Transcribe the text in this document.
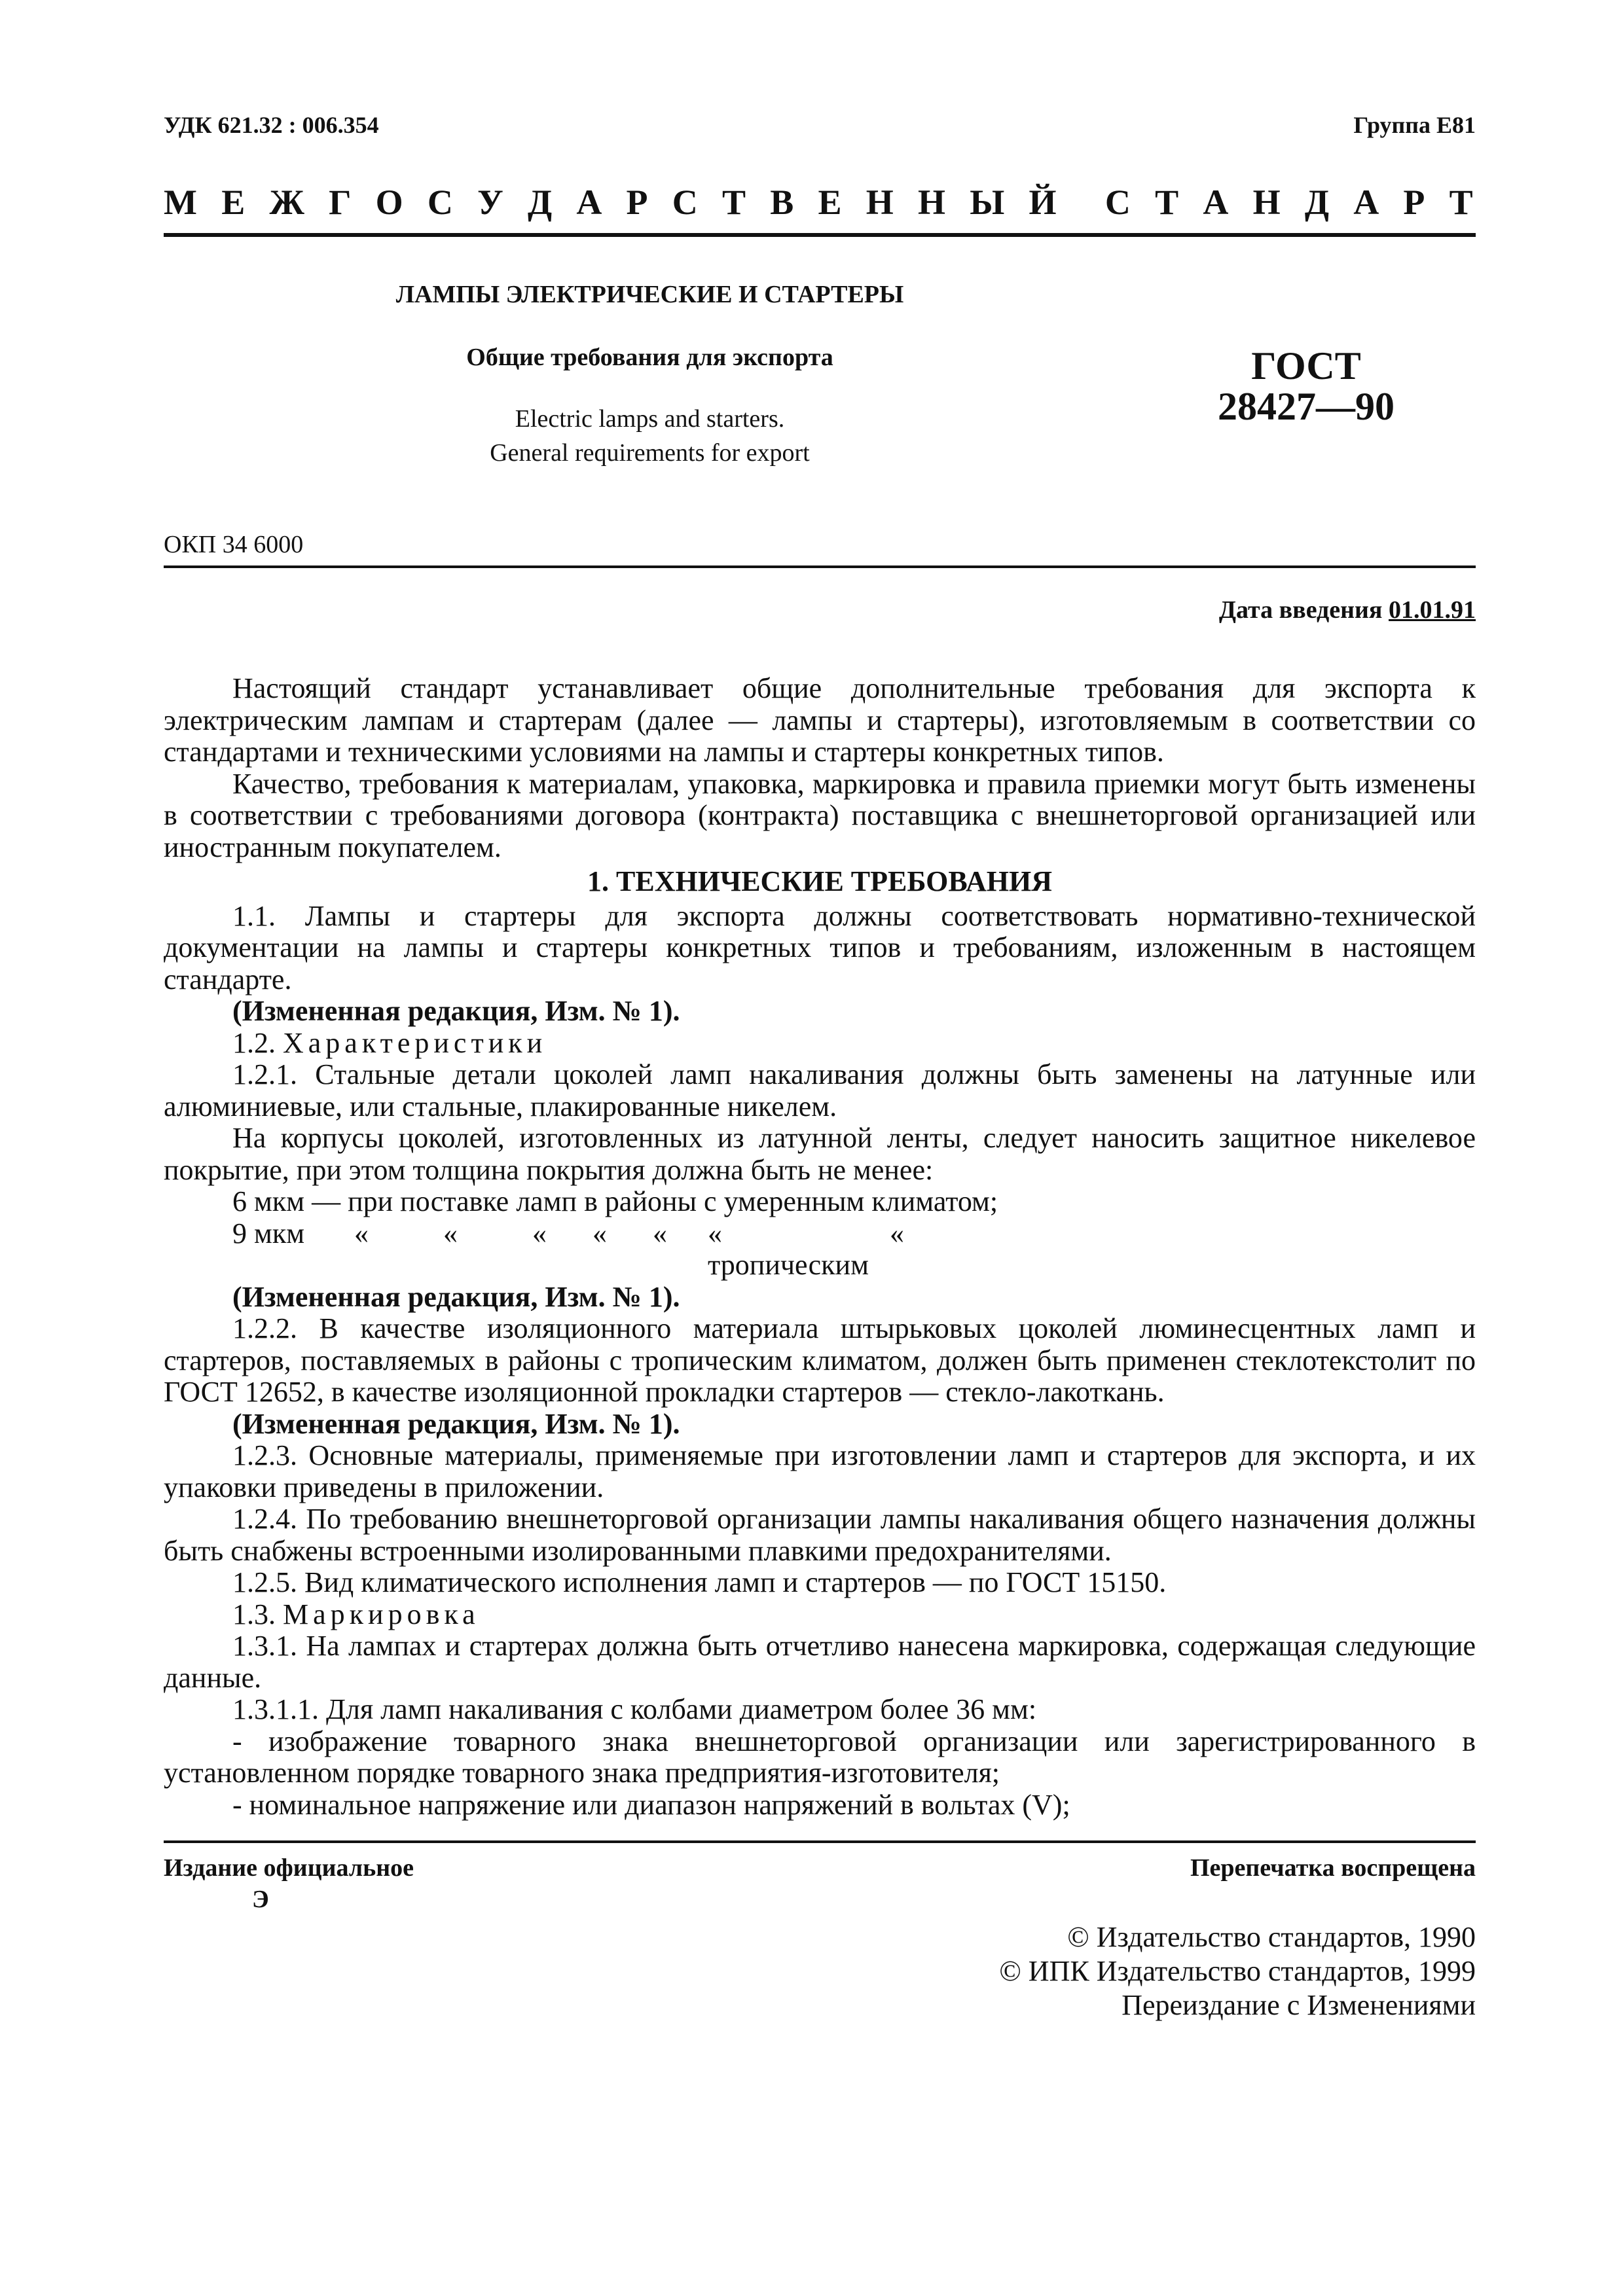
УДК 621.32 : 006.354	Группа Е81
М Е Ж Г О С У Д А Р С Т В Е Н Н Ы Й С Т А Н Д А Р Т
ЛАМПЫ ЭЛЕКТРИЧЕСКИЕ И СТАРТЕРЫ
Общие требования для экспорта
Electric lamps and starters.
General requirements for export
ГОСТ
28427—90
ОКП 34 6000
Дата введения 01.01.91

Настоящий стандарт устанавливает общие дополнительные требования для экспорта к электрическим лампам и стартерам (далее — лампы и стартеры), изготовляемым в соответствии со стандартами и техническими условиями на лампы и стартеры конкретных типов.

Качество, требования к материалам, упаковка, маркировка и правила приемки могут быть изменены в соответствии с требованиями договора (контракта) поставщика с внешнеторговой организацией или иностранным покупателем.

1. ТЕХНИЧЕСКИЕ ТРЕБОВАНИЯ

1.1. Лампы и стартеры для экспорта должны соответствовать нормативно-технической документации на лампы и стартеры конкретных типов и требованиям, изложенным в настоящем стандарте.

(Измененная редакция, Изм. № 1).

1.2. Характеристики

1.2.1. Стальные детали цоколей ламп накаливания должны быть заменены на латунные или алюминиевые, или стальные, плакированные никелем.

На корпусы цоколей, изготовленных из латунной ленты, следует наносить защитное никелевое покрытие, при этом толщина покрытия должна быть не менее:

6 мкм — при поставке ламп в районы с умеренным климатом;

9 мкм	«	«	«	«	«	« тропическим
«

(Измененная редакция, Изм. № 1).

1.2.2. В качестве изоляционного материала штырьковых цоколей люминесцентных ламп и стартеров, поставляемых в районы с тропическим климатом, должен быть применен стеклотекстолит по ГОСТ 12652, в качестве изоляционной прокладки стартеров — стекло-лакоткань.

(Измененная редакция, Изм. № 1).

1.2.3. Основные материалы, применяемые при изготовлении ламп и стартеров для экспорта, и их упаковки приведены в приложении.

1.2.4. По требованию внешнеторговой организации лампы накаливания общего назначения должны быть снабжены встроенными изолированными плавкими предохранителями.

1.2.5. Вид климатического исполнения ламп и стартеров — по ГОСТ 15150.

1.3. Маркировка

1.3.1. На лампах и стартерах должна быть отчетливо нанесена маркировка, содержащая следующие данные.

1.3.1.1. Для ламп накаливания с колбами диаметром более 36 мм:

- изображение товарного знака внешнеторговой организации или зарегистрированного в установленном порядке товарного знака предприятия-изготовителя;

- номинальное напряжение или диапазон напряжений в вольтах (V);

Издание официальное
Э
Перепечатка воспрещена
© Издательство стандартов, 1990
© ИПК Издательство стандартов, 1999
Переиздание с Изменениями
